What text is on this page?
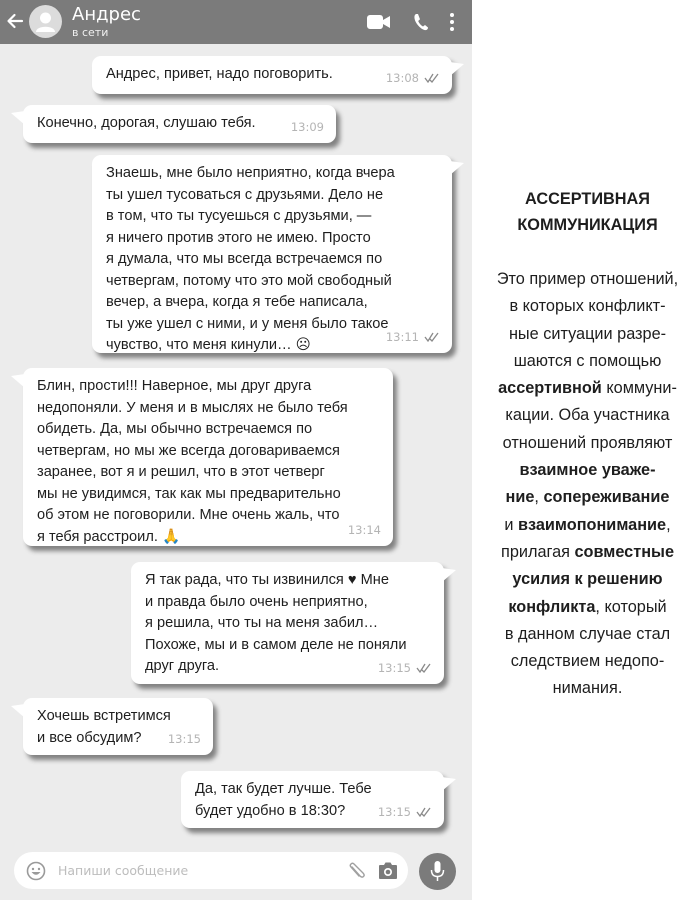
Андрес
в сети
Андрес, привет, надо поговорить.	13:08
Конечно, дорогая, слушаю тебя.	13:09
Знаешь, мне было неприятно, когда вчера
ты ушел тусоваться с друзьями. Дело не
в том, что ты тусуешься с друзьями, —
я ничего против этого не имею. Просто
я думала, что мы всегда встречаемся по
четвергам, потому что это мой свободный
вечер, а вчера, когда я тебе написала,
ты уже ушел с ними, и у меня было такое
чувство, что меня кинули… ☹
13:11
Блин, прости!!! Наверное, мы друг друга
недопоняли. У меня и в мыслях не было тебя
обидеть. Да, мы обычно встречаемся по
четвергам, но мы же всегда договариваемся
заранее, вот я и решил, что в этот четверг
мы не увидимся, так как мы предварительно
об этом не поговорили. Мне очень жаль, что
я тебя расстроил. 🙏	13:14
Я так рада, что ты извинился ♥ Мне
и правда было очень неприятно,
я решила, что ты на меня забил…
Похоже, мы и в самом деле не поняли
друг друга.	13:15
Хочешь встретимся
и все обсудим?	13:15
Да, так будет лучше. Тебе
будет удобно в 18:30?	13:15
Напиши сообщение
АССЕРТИВНАЯ
КОММУНИКАЦИЯ
Это пример отношений,
в которых конфликт-
ные ситуации разре-
шаются с помощью
ассертивной коммуни-
кации. Оба участника
отношений проявляют
взаимное уваже-
ние, сопереживание
и взаимопонимание,
прилагая совместные
усилия к решению
конфликта, который
в данном случае стал
следствием недопо-
нимания.
